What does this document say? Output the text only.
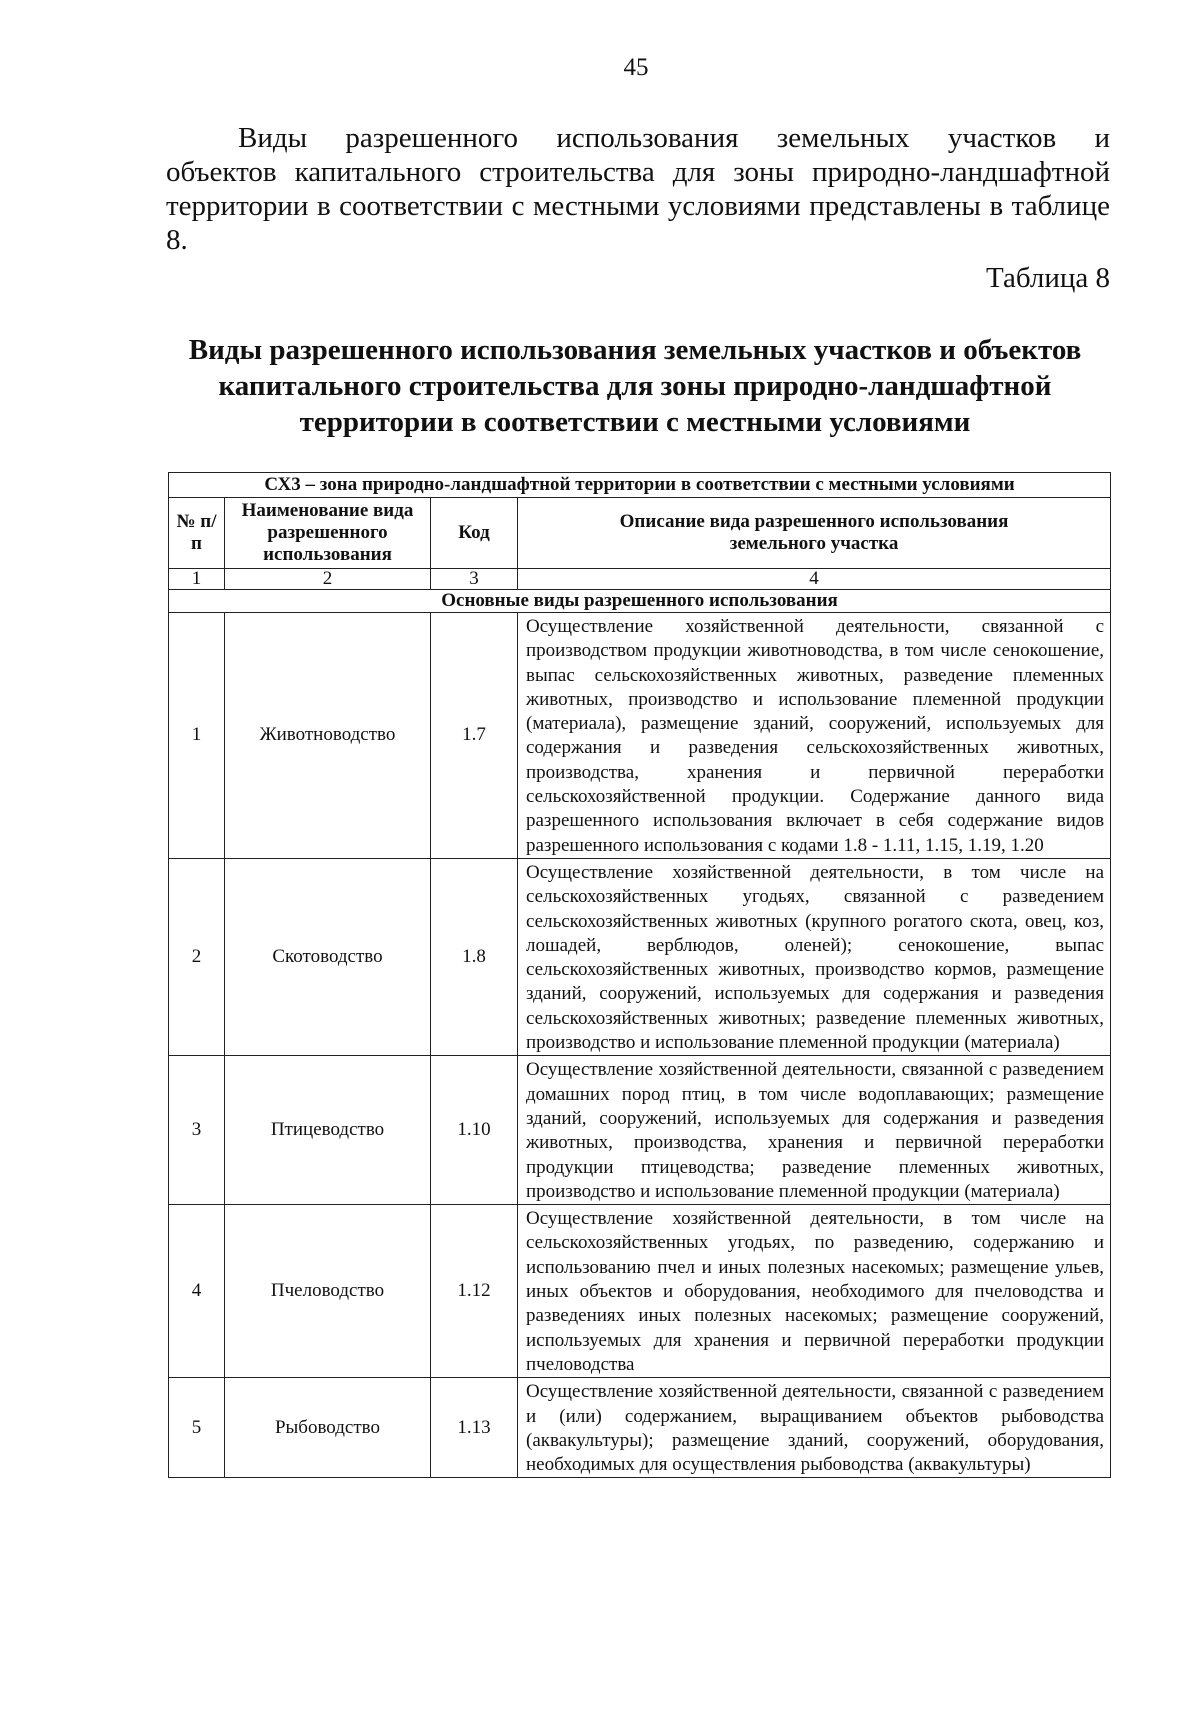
45
Виды разрешенного использования земельных участков и
объектов капитального строительства для зоны природно-ландшафтной территории в соответствии с местными условиями представлены в таблице 8.
Таблица 8
Виды разрешенного использования земельных участков и объектов капитального строительства для зоны природно-ландшафтной территории в соответствии с местными условиями
СХ3 – зона природно-ландшафтной территории в соответствии с местными условиями			
№ п/п	Наименование вида разрешенного использования	Код	Описание вида разрешенного использования земельного участка
1	2	3	4
Основные виды разрешенного использования			
1	Животноводство	1.7	Осуществление хозяйственной деятельности, связанной с производством продукции животноводства, в том числе сенокошение, выпас сельскохозяйственных животных, разведение племенных животных, производство и использование племенной продукции (материала), размещение зданий, сооружений, используемых для содержания и разведения сельскохозяйственных животных, производства, хранения и первичной переработки сельскохозяйственной продукции. Содержание данного вида разрешенного использования включает в себя содержание видов разрешенного использования с кодами 1.8 - 1.11, 1.15, 1.19, 1.20
2	Скотоводство	1.8	Осуществление хозяйственной деятельности, в том числе на сельскохозяйственных угодьях, связанной с разведением сельскохозяйственных животных (крупного рогатого скота, овец, коз, лошадей, верблюдов, оленей); сенокошение, выпас сельскохозяйственных животных, производство кормов, размещение зданий, сооружений, используемых для содержания и разведения сельскохозяйственных животных; разведение племенных животных, производство и использование племенной продукции (материала)
3	Птицеводство	1.10	Осуществление хозяйственной деятельности, связанной с разведением домашних пород птиц, в том числе водоплавающих; размещение зданий, сооружений, используемых для содержания и разведения животных, производства, хранения и первичной переработки продукции птицеводства; разведение племенных животных, производство и использование племенной продукции (материала)
4	Пчеловодство	1.12	Осуществление хозяйственной деятельности, в том числе на сельскохозяйственных угодьях, по разведению, содержанию и использованию пчел и иных полезных насекомых; размещение ульев, иных объектов и оборудования, необходимого для пчеловодства и разведениях иных полезных насекомых; размещение сооружений, используемых для хранения и первичной переработки продукции пчеловодства
5	Рыбоводство	1.13	Осуществление хозяйственной деятельности, связанной с разведением и (или) содержанием, выращиванием объектов рыбоводства (аквакультуры); размещение зданий, сооружений, оборудования, необходимых для осуществления рыбоводства (аквакультуры)
